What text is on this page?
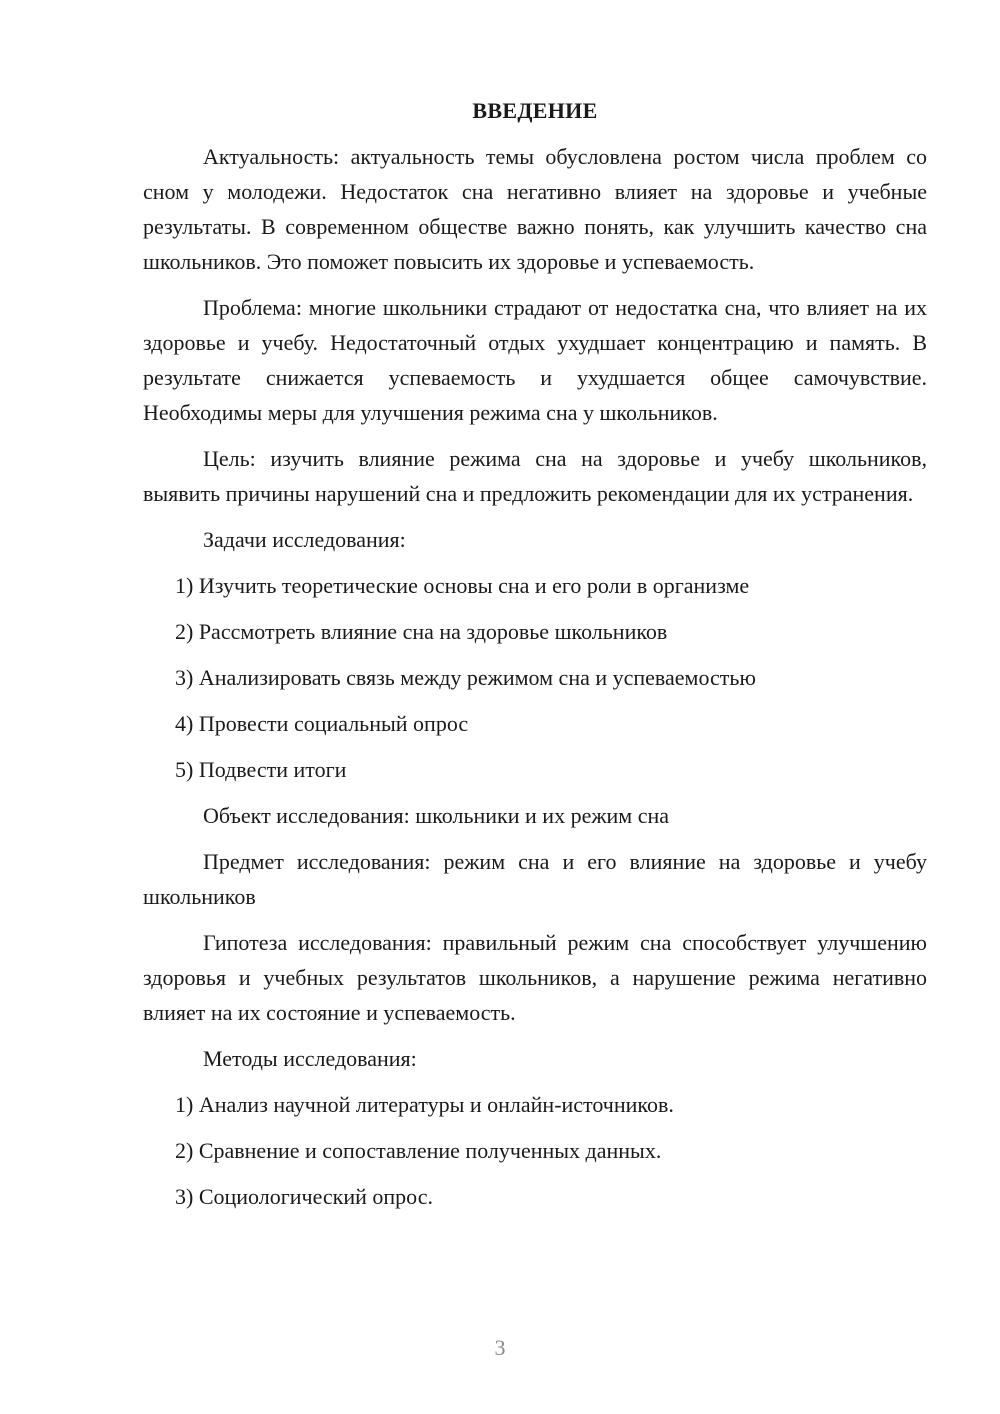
ВВЕДЕНИЕ

Актуальность: актуальность темы обусловлена ростом числа проблем со сном у молодежи. Недостаток сна негативно влияет на здоровье и учебные результаты. В современном обществе важно понять, как улучшить качество сна школьников. Это поможет повысить их здоровье и успеваемость.

Проблема: многие школьники страдают от недостатка сна, что влияет на их здоровье и учебу. Недостаточный отдых ухудшает концентрацию и память. В результате снижается успеваемость и ухудшается общее самочувствие. Необходимы меры для улучшения режима сна у школьников.

Цель: изучить влияние режима сна на здоровье и учебу школьников, выявить причины нарушений сна и предложить рекомендации для их устранения.

Задачи исследования:
1) Изучить теоретические основы сна и его роли в организме
2) Рассмотреть влияние сна на здоровье школьников
3) Анализировать связь между режимом сна и успеваемостью
4) Провести социальный опрос
5) Подвести итоги
Объект исследования: школьники и их режим сна

Предмет исследования: режим сна и его влияние на здоровье и учебу школьников

Гипотеза исследования: правильный режим сна способствует улучшению здоровья и учебных результатов школьников, а нарушение режима негативно влияет на их состояние и успеваемость.

Методы исследования:
1) Анализ научной литературы и онлайн-источников.
2) Сравнение и сопоставление полученных данных.
3) Социологический опрос.
3
